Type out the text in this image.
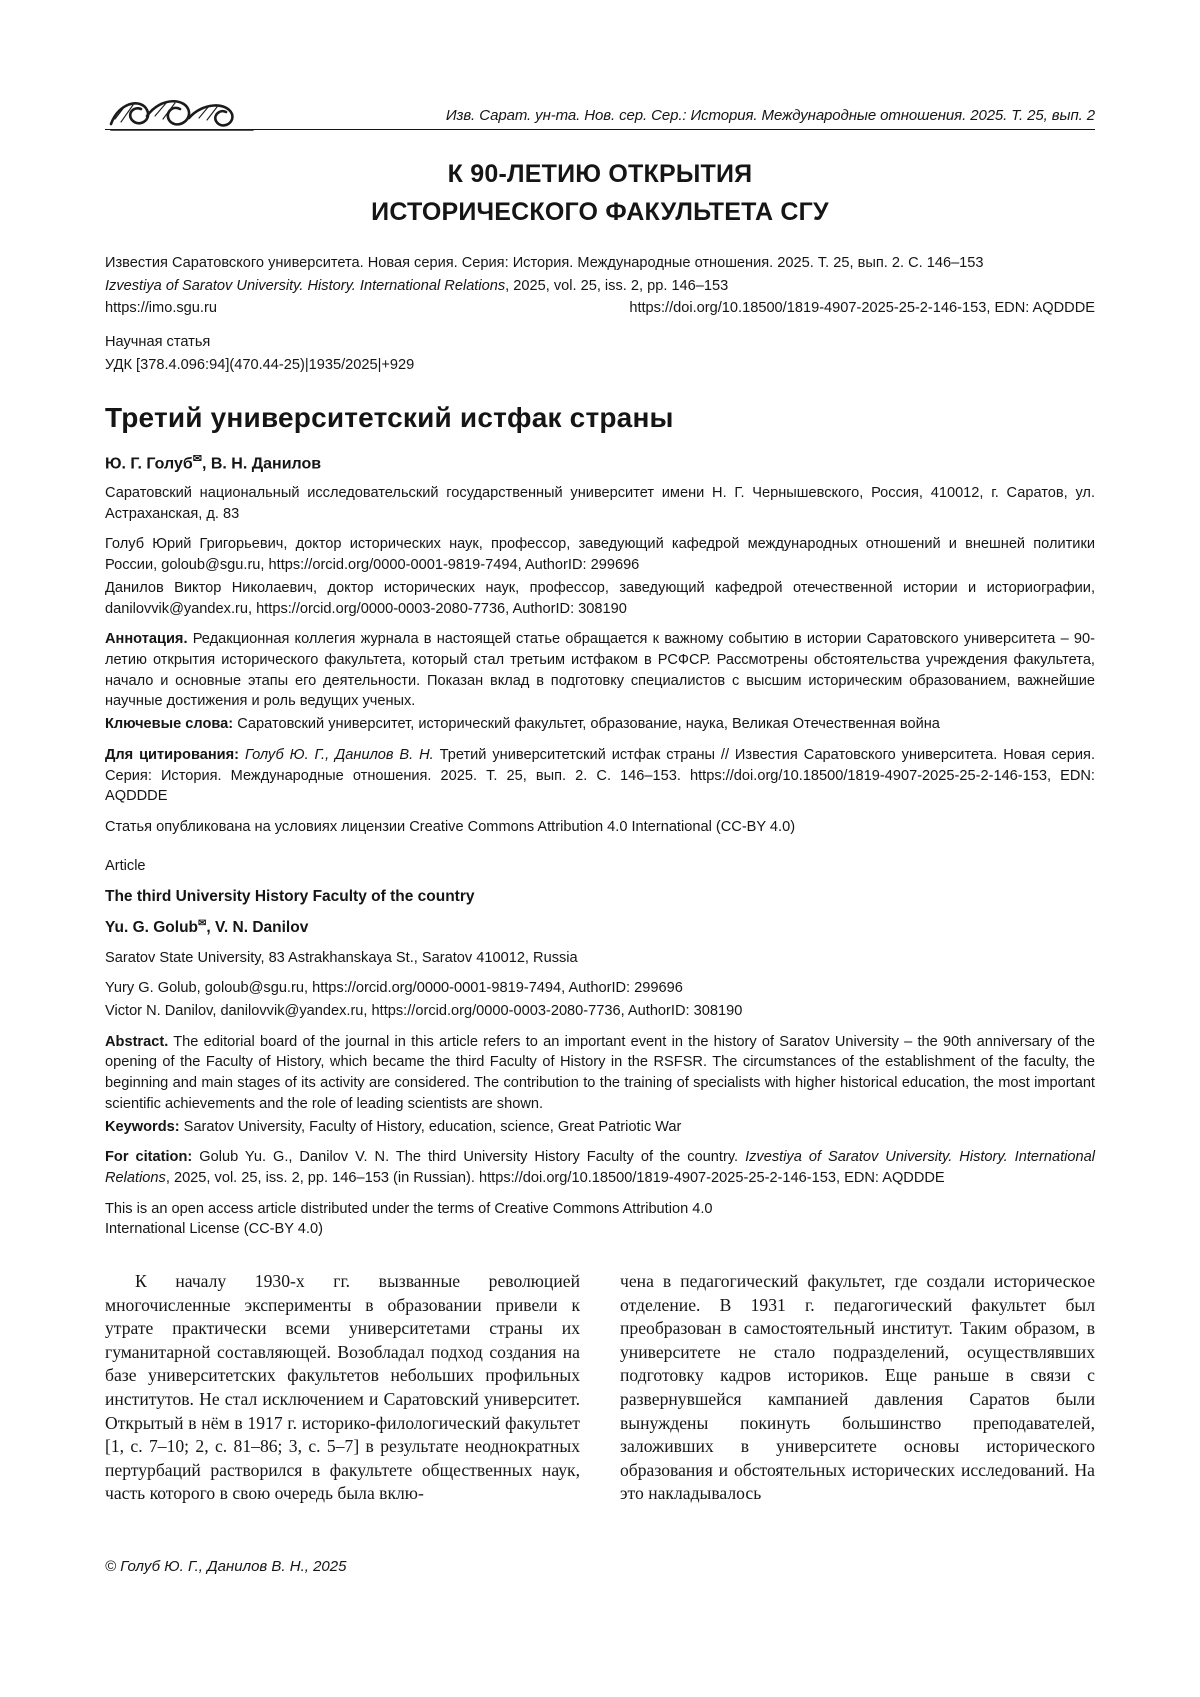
Изв. Сарат. ун-та. Нов. сер. Сер.: История. Международные отношения. 2025. Т. 25, вып. 2
К 90-ЛЕТИЮ ОТКРЫТИЯ
ИСТОРИЧЕСКОГО ФАКУЛЬТЕТА СГУ

Известия Саратовского университета. Новая серия. Серия: История. Международные отношения. 2025. Т. 25, вып. 2. С. 146–153

Izvestiya of Saratov University. History. International Relations, 2025, vol. 25, iss. 2, pp. 146–153

https://imo.sgu.ru	https://doi.org/10.18500/1819-4907-2025-25-2-146-153, EDN: AQDDDE

Научная статья

УДК [378.4.096:94](470.44-25)|1935/2025|+929

Третий университетский истфак страны

Ю. Г. Голуб✉, В. Н. Данилов

Саратовский национальный исследовательский государственный университет имени Н. Г. Чернышевского, Россия, 410012, г. Саратов, ул. Астраханская, д. 83

Голуб Юрий Григорьевич, доктор исторических наук, профессор, заведующий кафедрой международных отношений и внешней политики России, goloub@sgu.ru, https://orcid.org/0000-0001-9819-7494, AuthorID: 299696

Данилов Виктор Николаевич, доктор исторических наук, профессор, заведующий кафедрой отечественной истории и историографии, danilovvik@yandex.ru, https://orcid.org/0000-0003-2080-7736, AuthorID: 308190

Аннотация. Редакционная коллегия журнала в настоящей статье обращается к важному событию в истории Саратовского университета – 90-летию открытия исторического факультета, который стал третьим истфаком в РСФСР. Рассмотрены обстоятельства учреждения факультета, начало и основные этапы его деятельности. Показан вклад в подготовку специалистов с высшим историческим образованием, важнейшие научные достижения и роль ведущих ученых.

Ключевые слова: Саратовский университет, исторический факультет, образование, наука, Великая Отечественная война

Для цитирования: Голуб Ю. Г., Данилов В. Н. Третий университетский истфак страны // Известия Саратовского университета. Новая серия. Серия: История. Международные отношения. 2025. Т. 25, вып. 2. С. 146–153. https://doi.org/10.18500/1819-4907-2025-25-2-146-153, EDN: AQDDDE

Статья опубликована на условиях лицензии Creative Commons Attribution 4.0 International (CC-BY 4.0)

Article

The third University History Faculty of the country

Yu. G. Golub✉, V. N. Danilov

Saratov State University, 83 Astrakhanskaya St., Saratov 410012, Russia

Yury G. Golub, goloub@sgu.ru, https://orcid.org/0000-0001-9819-7494, AuthorID: 299696

Victor N. Danilov, danilovvik@yandex.ru, https://orcid.org/0000-0003-2080-7736, AuthorID: 308190

Abstract. The editorial board of the journal in this article refers to an important event in the history of Saratov University – the 90th anniversary of the opening of the Faculty of History, which became the third Faculty of History in the RSFSR. The circumstances of the establishment of the faculty, the beginning and main stages of its activity are considered. The contribution to the training of specialists with higher historical education, the most important scientific achievements and the role of leading scientists are shown.

Keywords: Saratov University, Faculty of History, education, science, Great Patriotic War

For citation: Golub Yu. G., Danilov V. N. The third University History Faculty of the country. Izvestiya of Saratov University. History. International Relations, 2025, vol. 25, iss. 2, pp. 146–153 (in Russian). https://doi.org/10.18500/1819-4907-2025-25-2-146-153, EDN: AQDDDE

This is an open access article distributed under the terms of Creative Commons Attribution 4.0
International License (CC-BY 4.0)

К началу 1930-х гг. вызванные революцией многочисленные эксперименты в образовании привели к утрате практически всеми университетами страны их гуманитарной составляющей. Возобладал подход создания на базе университетских факультетов небольших профильных институтов. Не стал исключением и Саратовский университет. Открытый в нём в 1917 г. историко-филологический факультет [1, с. 7–10; 2, с. 81–86; 3, с. 5–7] в результате неоднократных пертурбаций растворился в факультете общественных наук, часть которого в свою очередь была вклю-
чена в педагогический факультет, где создали историческое отделение. В 1931 г. педагогический факультет был преобразован в самостоятельный институт. Таким образом, в университете не стало подразделений, осуществлявших подготовку кадров историков. Еще раньше в связи с развернувшейся кампанией давления Саратов были вынуждены покинуть большинство преподавателей, заложивших в университете основы исторического образования и обстоятельных исторических исследований. На это накладывалось
© Голуб Ю. Г., Данилов В. Н., 2025
